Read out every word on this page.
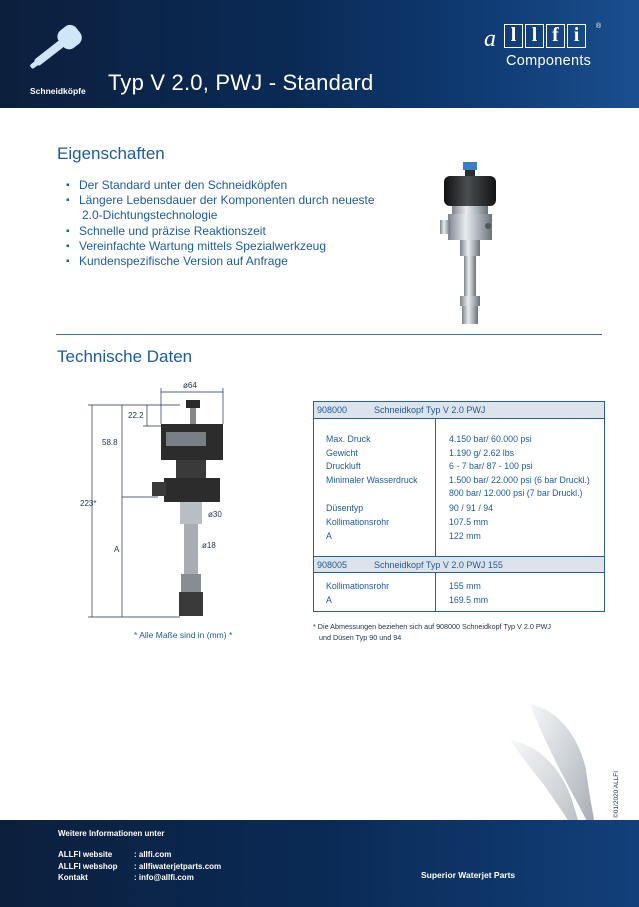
Schneidköpfe Typ V 2.0, PWJ - Standard
a l l f i	®
Components
Eigenschaften
▪ Der Standard unter den Schneidköpfen
▪ Längere Lebensdauer der Komponenten durch neueste
2.0-Dichtungstechnologie
▪ Schnelle und präzise Reaktionszeit
▪ Vereinfachte Wartung mittels Spezialwerkzeug
▪ Kundenspezifische Version auf Anfrage
Technische Daten
223*
22.2
58.8
A
ø64
ø30
ø18
* Alle Maße sind in (mm) *
908000	Schneidkopf Typ V 2.0 PWJ
Max. Druck	4.150 bar/ 60.000 psi
Gewicht	1.190 g/ 2.62 lbs
Druckluft	6 - 7 bar/ 87 - 100 psi
Minimaler Wasserdruck	1.500 bar/ 22.000 psi (6 bar Druckl.)
800 bar/ 12.000 psi (7 bar Druckl.)
Düsentyp	90 / 91 / 94
Kollimationsrohr	107.5 mm
A	122 mm
908005	Schneidkopf Typ V 2.0 PWJ 155
Kollimationsrohr	155 mm
A	169.5 mm
* Die Abmessungen beziehen sich auf 908000 Schneidkopf Typ V 2.0 PWJ
und Düsen Typ 90 und 94
©01/2020 ALLFI
Weitere Informationen unter
ALLFI website	: allfi.com
ALLFI webshop : allfiwaterjetparts.com
Kontakt	: info@allfi.com	Superior Waterjet Parts
